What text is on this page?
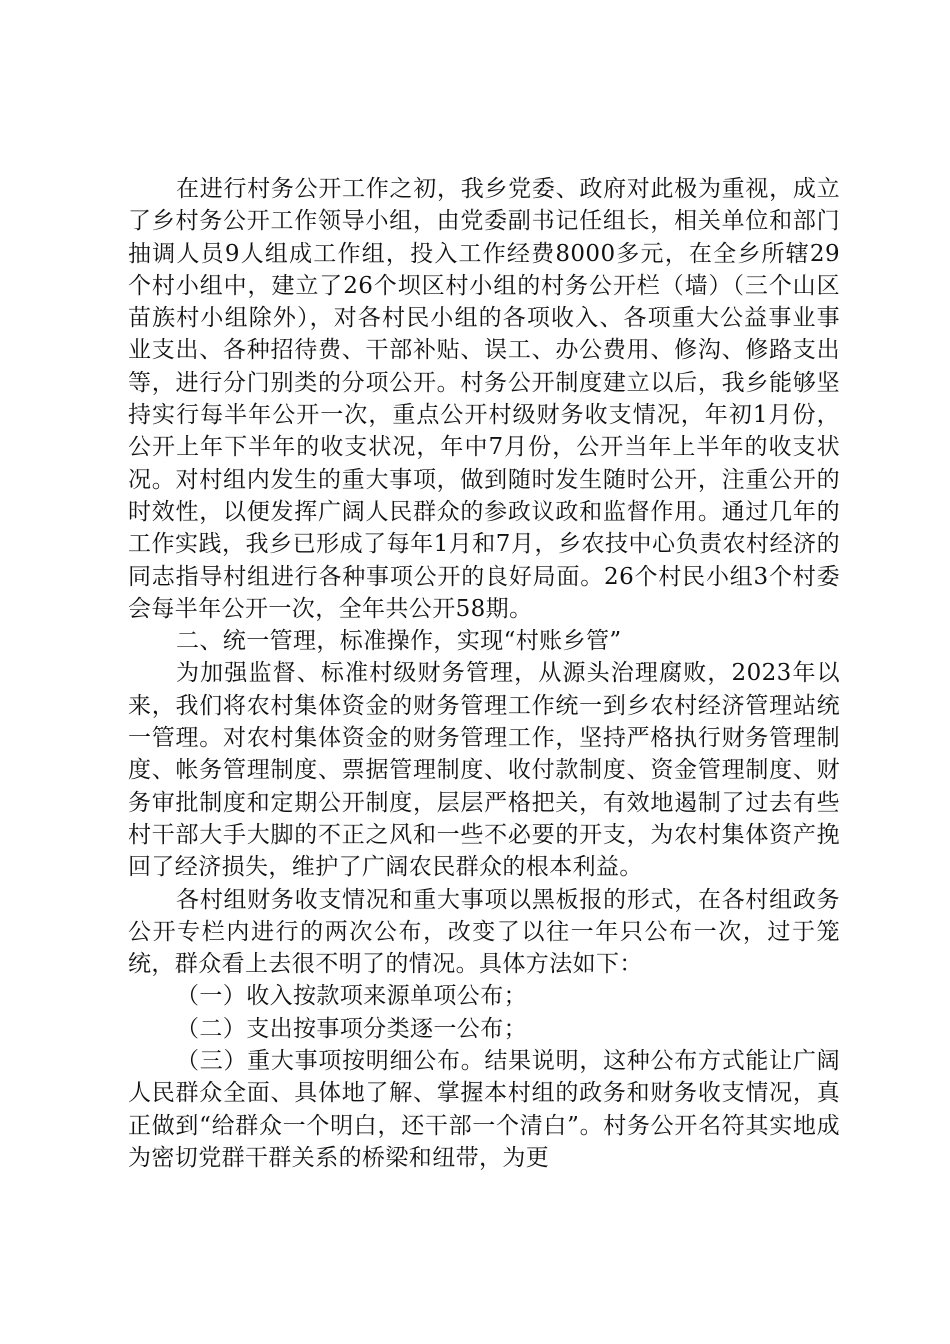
在进行村务公开工作之初，我乡党委、政府对此极为重视，成立了乡村务公开工作领导小组，由党委副书记任组长，相关单位和部门抽调人员9人组成工作组，投入工作经费8000多元，在全乡所辖29个村小组中，建立了26个坝区村小组的村务公开栏（墙）（三个山区苗族村小组除外），对各村民小组的各项收入、各项重大公益事业事业支出、各种招待费、干部补贴、误工、办公费用、修沟、修路支出等，进行分门别类的分项公开。村务公开制度建立以后，我乡能够坚持实行每半年公开一次，重点公开村级财务收支情况，年初1月份，公开上年下半年的收支状况，年中7月份，公开当年上半年的收支状况。对村组内发生的重大事项，做到随时发生随时公开，注重公开的时效性，以便发挥广阔人民群众的参政议政和监督作用。通过几年的工作实践，我乡已形成了每年1月和7月，乡农技中心负责农村经济的同志指导村组进行各种事项公开的良好局面。26个村民小组3个村委会每半年公开一次，全年共公开58期。

二、统一管理，标准操作，实现“村账乡管”

为加强监督、标准村级财务管理，从源头治理腐败，2023年以来，我们将农村集体资金的财务管理工作统一到乡农村经济管理站统一管理。对农村集体资金的财务管理工作，坚持严格执行财务管理制度、帐务管理制度、票据管理制度、收付款制度、资金管理制度、财务审批制度和定期公开制度，层层严格把关，有效地遏制了过去有些村干部大手大脚的不正之风和一些不必要的开支，为农村集体资产挽回了经济损失，维护了广阔农民群众的根本利益。

各村组财务收支情况和重大事项以黑板报的形式，在各村组政务公开专栏内进行的两次公布，改变了以往一年只公布一次，过于笼统，群众看上去很不明了的情况。具体方法如下：

（一）收入按款项来源单项公布；

（二）支出按事项分类逐一公布；

（三）重大事项按明细公布。结果说明，这种公布方式能让广阔人民群众全面、具体地了解、掌握本村组的政务和财务收支情况，真正做到“给群众一个明白，还干部一个清白”。村务公开名符其实地成为密切党群干群关系的桥梁和纽带，为更
